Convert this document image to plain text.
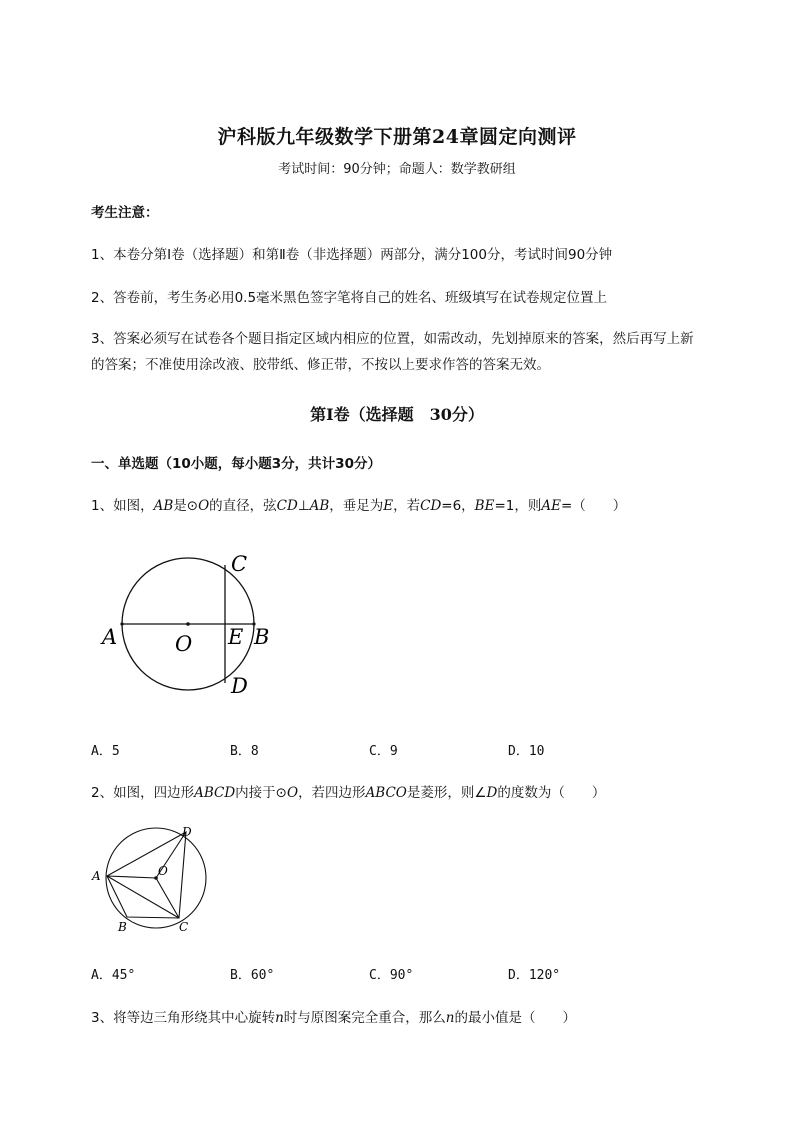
沪科版九年级数学下册第24章圆定向测评
考试时间：90分钟；命题人：数学教研组
考生注意：
1、本卷分第I卷（选择题）和第Ⅱ卷（非选择题）两部分，满分100分，考试时间90分钟
2、答卷前，考生务必用0.5毫米黑色签字笔将自己的姓名、班级填写在试卷规定位置上
3、答案必须写在试卷各个题目指定区域内相应的位置，如需改动，先划掉原来的答案，然后再写上新
的答案；不准使用涂改液、胶带纸、修正带，不按以上要求作答的答案无效。
第I卷（选择题　30分）
一、单选题（10小题，每小题3分，共计30分）
1、如图，AB是⊙O的直径，弦CD⊥AB，垂足为E，若CD=6，BE=1，则AE=（　　）
A	O E B
C
D
A．5	B．8	C．9	D．10
2、如图，四边形ABCD内接于⊙O，若四边形ABCO是菱形，则∠D的度数为（　　）
A
B	C
D
O
A．45°	B．60°	C．90°	D．120°
3、将等边三角形绕其中心旋转n时与原图案完全重合，那么n的最小值是（　　）
